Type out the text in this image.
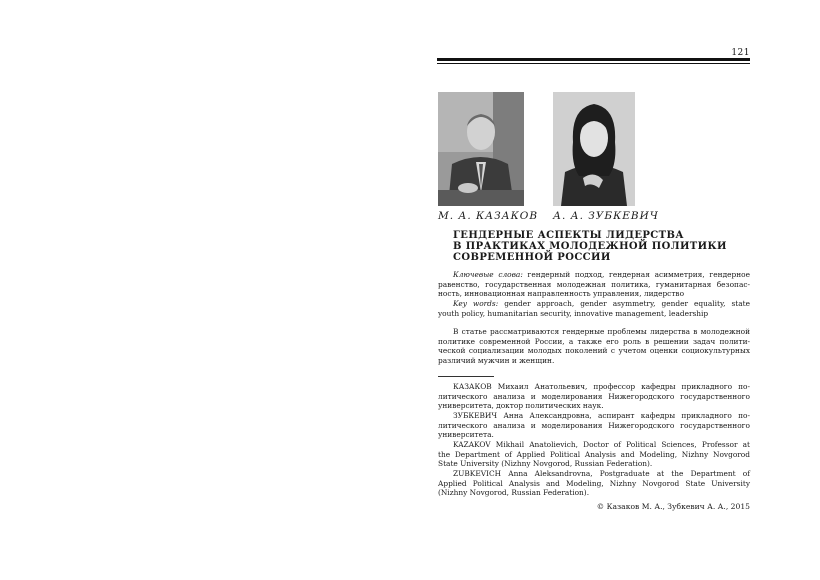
121
М. А. КАЗАКОВ А. А. ЗУБКЕВИЧ
ГЕНДЕРНЫЕ АСПЕКТЫ ЛИДЕРСТВА
В ПРАКТИКАХ МОЛОДЕЖНОЙ ПОЛИТИКИ
СОВРЕМЕННОЙ РОССИИ
Ключевые слова: гендерный подход, гендерная асимметрия, гендерное
равенство, государственная молодежная политика, гуманитарная безопас-
ность, инновационная направленность управления, лидерство
Key words: gender approach, gender asymmetry, gender equality, state
youth policy, humanitarian security, innovative management, leadership
В статье рассматриваются гендерные проблемы лидерства в молодежной
политике современной России, а также его роль в решении задач полити-
ческой социализации молодых поколений с учетом оценки социокультурных
различий мужчин и женщин.
КАЗАКОВ Михаил Анатольевич, профессор кафедры прикладного по-
литического анализа и моделирования Нижегородского государственного
университета, доктор политических наук.
ЗУБКЕВИЧ Анна Александровна, аспирант кафедры прикладного по-
литического анализа и моделирования Нижегородского государственного
университета.
KAZAKOV Mikhail Anatolievich, Doctor of Political Sciences, Professor at
the Department of Applied Political Analysis and Modeling, Nizhny Novgorod
State University (Nizhny Novgorod, Russian Federation).
ZUBKEVICH Anna Aleksandrovna, Postgraduate at the Department of
Applied Political Analysis and Modeling, Nizhny Novgorod State University
(Nizhny Novgorod, Russian Federation).
© Казаков М. А., Зубкевич А. А., 2015
